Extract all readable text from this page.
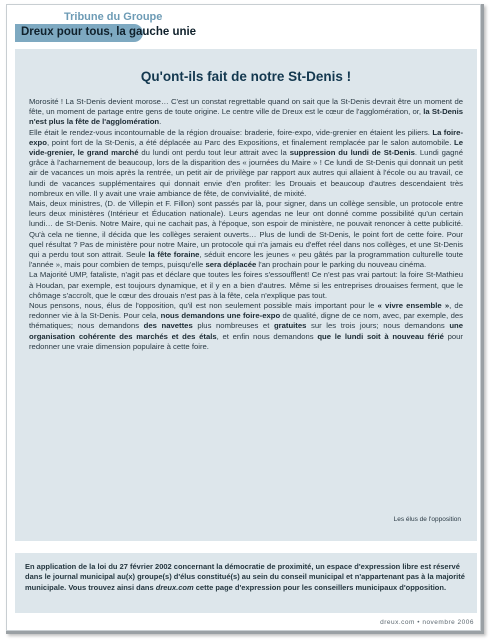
Tribune du Groupe
Dreux pour tous, la gauche unie
Qu'ont-ils fait de notre St-Denis !

Morosité ! La St-Denis devient morose… C'est un constat regrettable quand on sait que la St-Denis devrait être un moment de fête, un moment de partage entre gens de toute origine. Le centre ville de Dreux est le cœur de l'agglomération, or, la St-Denis n'est plus la fête de l'agglomération.

Elle était le rendez-vous incontournable de la région drouaise: braderie, foire-expo, vide-grenier en étaient les piliers. La foire-expo, point fort de la St-Denis, a été déplacée au Parc des Expositions, et finalement remplacée par le salon automobile. Le vide-grenier, le grand marché du lundi ont perdu tout leur attrait avec la suppression du lundi de St-Denis. Lundi gagné grâce à l'acharnement de beaucoup, lors de la disparition des « journées du Maire » ! Ce lundi de St-Denis qui donnait un petit air de vacances un mois après la rentrée, un petit air de privilège par rapport aux autres qui allaient à l'école ou au travail, ce lundi de vacances supplémentaires qui donnait envie d'en profiter: les Drouais et beaucoup d'autres descendaient très nombreux en ville. Il y avait une vraie ambiance de fête, de convivialité, de mixité.

Mais, deux ministres, (D. de Villepin et F. Fillon) sont passés par là, pour signer, dans un collège sensible, un protocole entre leurs deux ministères (Intérieur et Éducation nationale). Leurs agendas ne leur ont donné comme possibilité qu'un certain lundi… de St-Denis. Notre Maire, qui ne cachait pas, à l'époque, son espoir de ministère, ne pouvait renoncer à cette publicité. Qu'à cela ne tienne, il décida que les collèges seraient ouverts… Plus de lundi de St-Denis, le point fort de cette foire. Pour quel résultat ? Pas de ministère pour notre Maire, un protocole qui n'a jamais eu d'effet réel dans nos collèges, et une St-Denis qui a perdu tout son attrait. Seule la fête foraine, séduit encore les jeunes « peu gâtés par la programmation culturelle toute l'année », mais pour combien de temps, puisqu'elle sera déplacée l'an prochain pour le parking du nouveau cinéma.

La Majorité UMP, fataliste, n'agit pas et déclare que toutes les foires s'essoufflent! Ce n'est pas vrai partout: la foire St-Mathieu à Houdan, par exemple, est toujours dynamique, et il y en a bien d'autres. Même si les entreprises drouaises ferment, que le chômage s'accroît, que le cœur des drouais n'est pas à la fête, cela n'explique pas tout.

Nous pensons, nous, élus de l'opposition, qu'il est non seulement possible mais important pour le « vivre ensemble », de redonner vie à la St-Denis. Pour cela, nous demandons une foire-expo de qualité, digne de ce nom, avec, par exemple, des thématiques; nous demandons des navettes plus nombreuses et gratuites sur les trois jours; nous demandons une organisation cohérente des marchés et des étals, et enfin nous demandons que le lundi soit à nouveau férié pour redonner une vraie dimension populaire à cette foire.

Les élus de l'opposition
En application de la loi du 27 février 2002 concernant la démocratie de proximité, un espace d'expression libre est réservé dans le journal municipal au(x) groupe(s) d'élus constitué(s) au sein du conseil municipal et n'appartenant pas à la majorité municipale. Vous trouvez ainsi dans dreux.com cette page d'expression pour les conseillers municipaux d'opposition.
dreux.com • novembre 2006
